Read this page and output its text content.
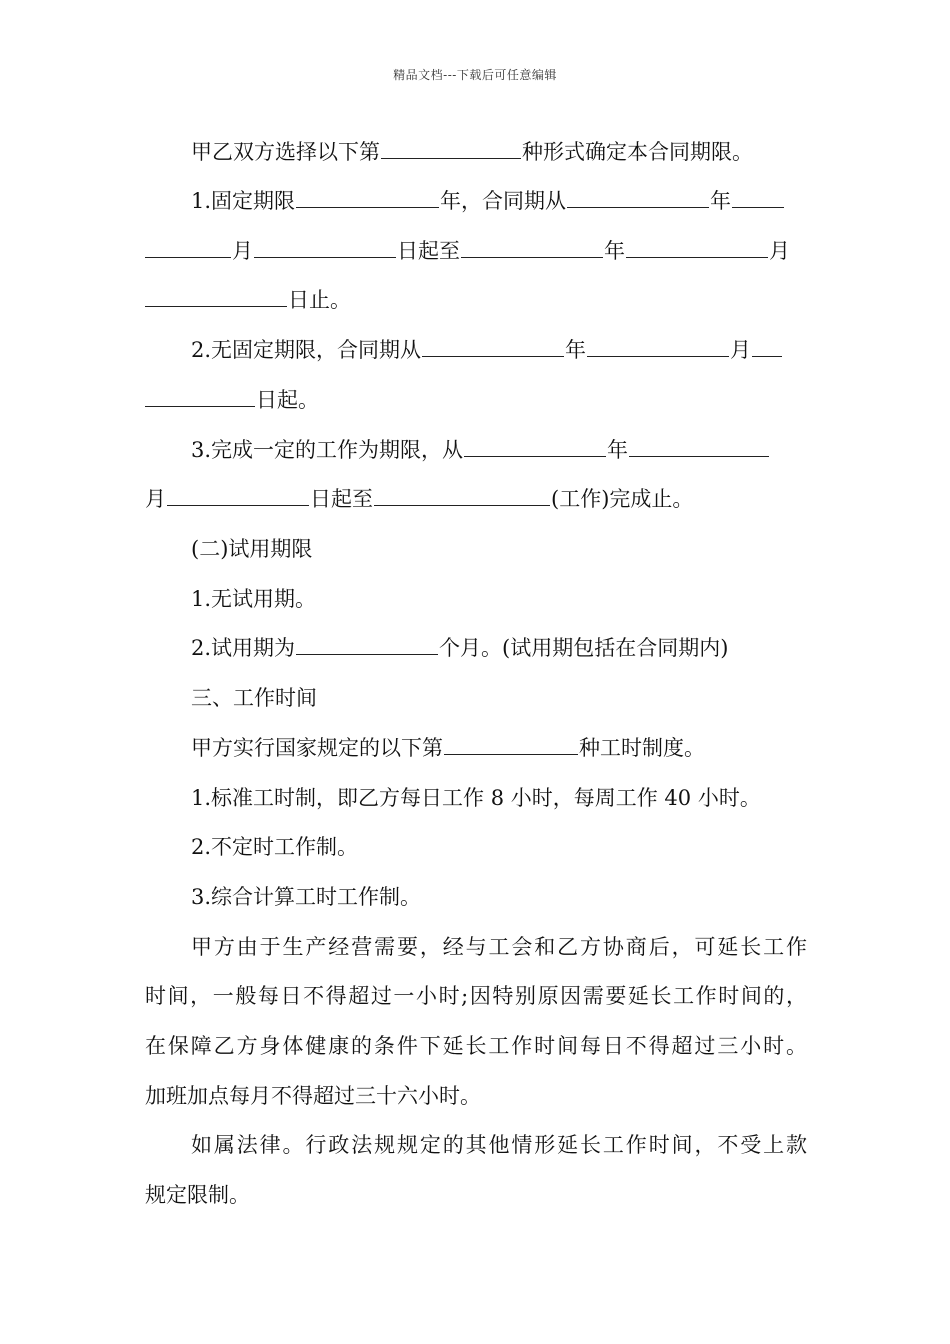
精品文档---下载后可任意编辑
甲乙双方选择以下第	种形式确定本合同期限。
1.固定期限	年，合同期从	年
月	日起至	年	月
日止。
2.无固定期限，合同期从	年	月
日起。
3.完成一定的工作为期限，从	年
月	日起至	(工作)完成止。
(二)试用期限
1.无试用期。
2.试用期为	个月。(试用期包括在合同期内)
三、工作时间
甲方实行国家规定的以下第	种工时制度。
1.标准工时制，即乙方每日工作 8 小时，每周工作 40 小时。
2.不定时工作制。
3.综合计算工时工作制。
甲方由于生产经营需要，经与工会和乙方协商后，可延长工作
时间，一般每日不得超过一小时;因特别原因需要延长工作时间的，
在保障乙方身体健康的条件下延长工作时间每日不得超过三小时。
加班加点每月不得超过三十六小时。
如属法律。行政法规规定的其他情形延长工作时间，不受上款
规定限制。
